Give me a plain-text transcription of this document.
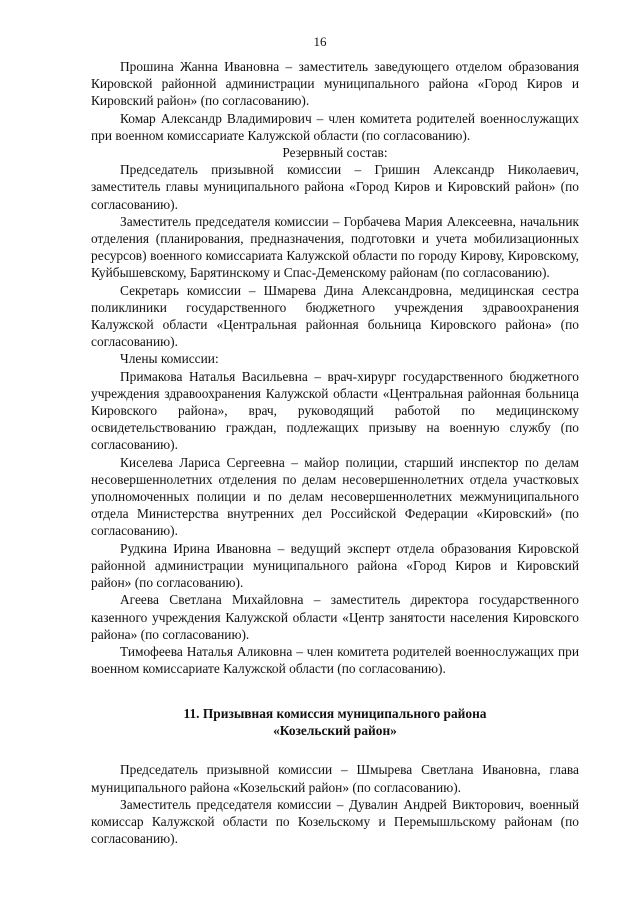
16

Прошина Жанна Ивановна – заместитель заведующего отделом образования Кировской районной администрации муниципального района «Город Киров и Кировский район» (по согласованию).

Комар Александр Владимирович – член комитета родителей военнослужащих при военном комиссариате Калужской области (по согласованию).

Резервный состав:

Председатель призывной комиссии – Гришин Александр Николаевич, заместитель главы муниципального района «Город Киров и Кировский район» (по согласованию).

Заместитель председателя комиссии – Горбачева Мария Алексеевна, начальник отделения (планирования, предназначения, подготовки и учета мобилизационных ресурсов) военного комиссариата Калужской области по городу Кирову, Кировскому, Куйбышевскому, Барятинскому и Спас-Деменскому районам (по согласованию).

Секретарь комиссии – Шмарева Дина Александровна, медицинская сестра поликлиники государственного бюджетного учреждения здравоохранения Калужской области «Центральная районная больница Кировского района» (по согласованию).

Члены комиссии:

Примакова Наталья Васильевна – врач-хирург государственного бюджетного учреждения здравоохранения Калужской области «Центральная районная больница Кировского района», врач, руководящий работой по медицинскому освидетельствованию граждан, подлежащих призыву на военную службу (по согласованию).

Киселева Лариса Сергеевна – майор полиции, старший инспектор по делам несовершеннолетних отделения по делам несовершеннолетних отдела участковых уполномоченных полиции и по делам несовершеннолетних межмуниципального отдела Министерства внутренних дел Российской Федерации «Кировский» (по согласованию).

Рудкина Ирина Ивановна – ведущий эксперт отдела образования Кировской районной администрации муниципального района «Город Киров и Кировский район» (по согласованию).

Агеева Светлана Михайловна – заместитель директора государственного казенного учреждения Калужской области «Центр занятости населения Кировского района» (по согласованию).

Тимофеева Наталья Аликовна – член комитета родителей военнослужащих при военном комиссариате Калужской области (по согласованию).

11. Призывная комиссия муниципального района

«Козельский район»

Председатель призывной комиссии – Шмырева Светлана Ивановна, глава муниципального района «Козельский район» (по согласованию).

Заместитель председателя комиссии – Дувалин Андрей Викторович, военный комиссар Калужской области по Козельскому и Перемышльскому районам (по согласованию).
